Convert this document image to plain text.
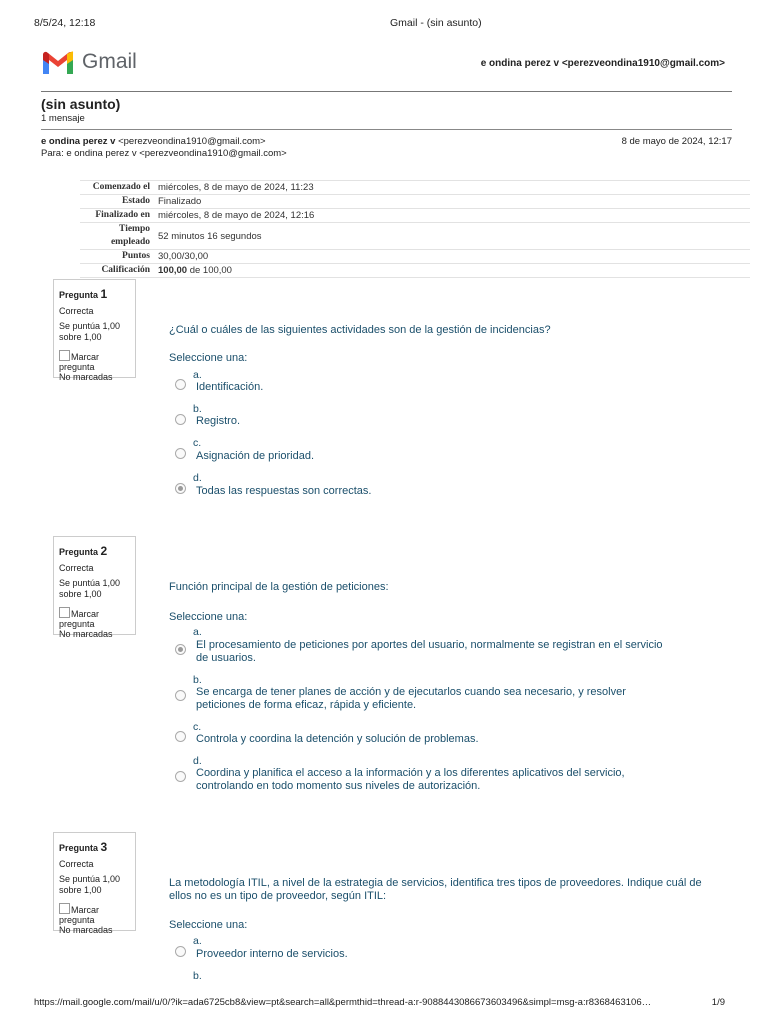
8/5/24, 12:18	Gmail - (sin asunto)
Gmail	e ondina perez v <perezveondina1910@gmail.com>
(sin asunto)
1 mensaje
e ondina perez v <perezveondina1910@gmail.com>	8 de mayo de 2024, 12:17
Para: e ondina perez v <perezveondina1910@gmail.com>
Comenzado el	miércoles, 8 de mayo de 2024, 11:23
Estado	Finalizado
Finalizado en	miércoles, 8 de mayo de 2024, 12:16
Tiempo empleado	52 minutos 16 segundos
Puntos	30,00/30,00
Calificación	100,00 de 100,00
Pregunta 1
Correcta
Se puntúa 1,00 sobre 1,00
Marcar pregunta
No marcadas
¿Cuál o cuáles de las siguientes actividades son de la gestión de incidencias?
Seleccione una:
a.
Identificación.
b.
Registro.
c.
Asignación de prioridad.
d.
Todas las respuestas son correctas.
Pregunta 2
Correcta
Se puntúa 1,00 sobre 1,00
Marcar pregunta
No marcadas
Función principal de la gestión de peticiones:
Seleccione una:
a.
El procesamiento de peticiones por aportes del usuario, normalmente se registran en el servicio de usuarios.
b.
Se encarga de tener planes de acción y de ejecutarlos cuando sea necesario, y resolver peticiones de forma eficaz, rápida y eficiente.
c.
Controla y coordina la detención y solución de problemas.
d.
Coordina y planifica el acceso a la información y a los diferentes aplicativos del servicio, controlando en todo momento sus niveles de autorización.
Pregunta 3
Correcta
Se puntúa 1,00 sobre 1,00
Marcar pregunta
No marcadas
La metodología ITIL, a nivel de la estrategia de servicios, identifica tres tipos de proveedores. Indique cuál de ellos no es un tipo de proveedor, según ITIL:
Seleccione una:
a.
Proveedor interno de servicios.
b.
https://mail.google.com/mail/u/0/?ik=ada6725cb8&view=pt&search=all&permthid=thread-a:r-9088443086673603496&simpl=msg-a:r8368463106…	1/9
